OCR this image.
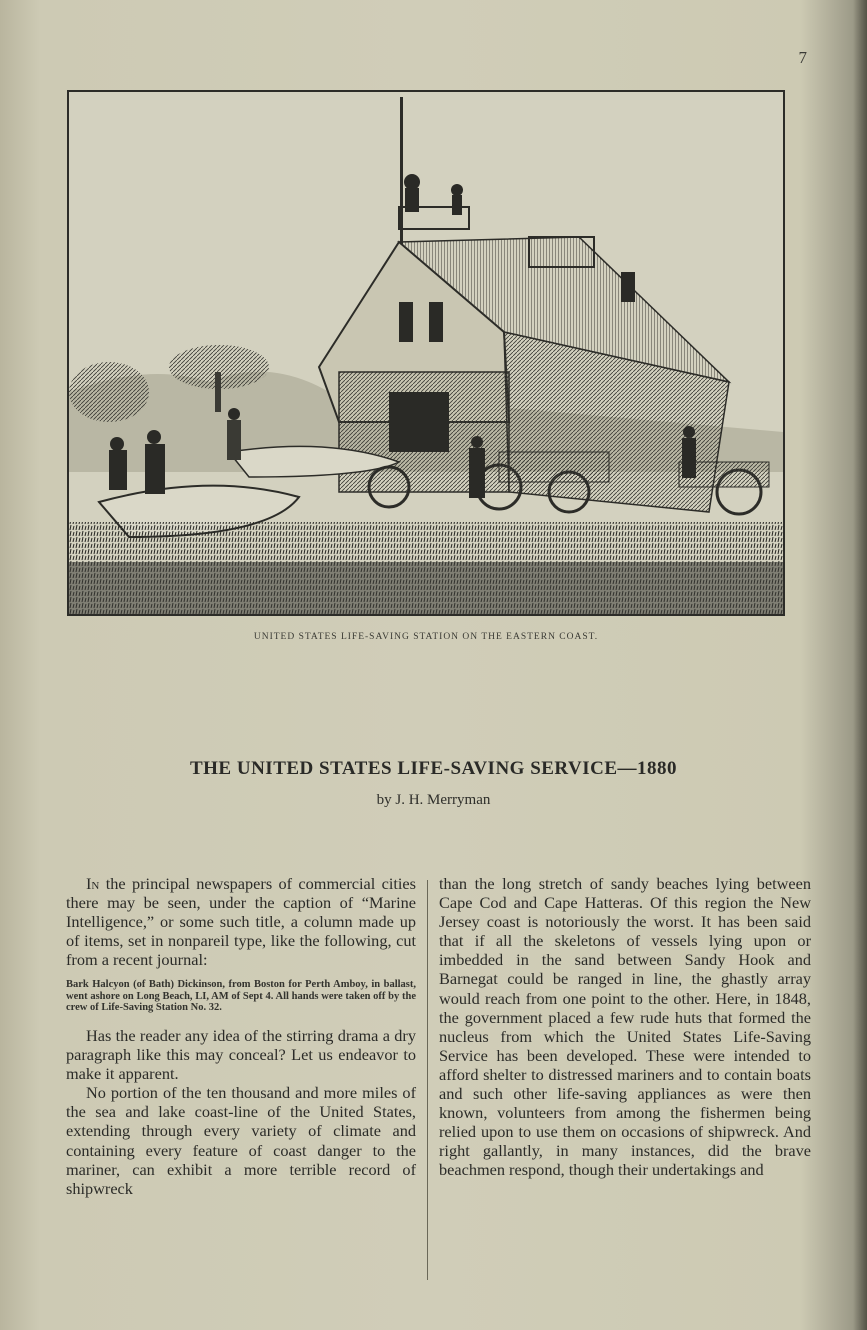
7
UNITED STATES LIFE-SAVING STATION ON THE EASTERN COAST.
THE UNITED STATES LIFE-SAVING SERVICE—1880
by J. H. Merryman

In the principal newspapers of commercial cities there may be seen, under the caption of “Marine Intelligence,” or some such title, a column made up of items, set in nonpareil type, like the following, cut from a recent journal:

Bark Halcyon (of Bath) Dickinson, from Boston for Perth Amboy, in ballast, went ashore on Long Beach, LI, AM of Sept 4. All hands were taken off by the crew of Life-Saving Station No. 32.

Has the reader any idea of the stirring drama a dry paragraph like this may conceal? Let us endeavor to make it apparent.

No portion of the ten thousand and more miles of the sea and lake coast-line of the United States, extending through every variety of climate and containing every feature of coast danger to the mariner, can exhibit a more terrible record of shipwreck

than the long stretch of sandy beaches lying between Cape Cod and Cape Hatteras. Of this region the New Jersey coast is notoriously the worst. It has been said that if all the skeletons of vessels lying upon or imbedded in the sand between Sandy Hook and Barnegat could be ranged in line, the ghastly array would reach from one point to the other. Here, in 1848, the government placed a few rude huts that formed the nucleus from which the United States Life-Saving Service has been developed. These were intended to afford shelter to distressed mariners and to contain boats and such other life-saving appliances as were then known, volunteers from among the fishermen being relied upon to use them on occasions of shipwreck. And right gallantly, in many instances, did the brave beachmen respond, though their undertakings and
